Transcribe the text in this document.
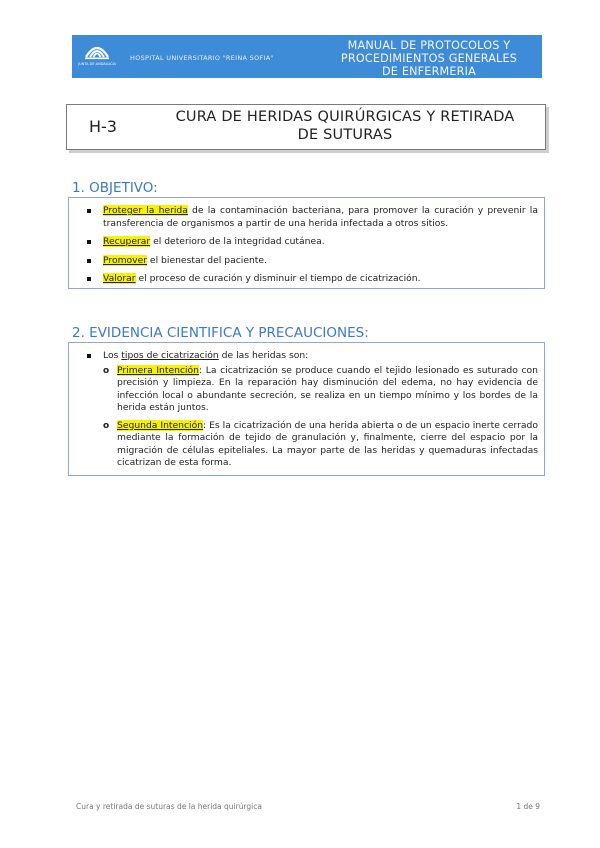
JUNTA DE ANDALUCIA
HOSPITAL UNIVERSITARIO "REINA SOFIA"
MANUAL DE PROTOCOLOS Y
PROCEDIMIENTOS GENERALES
DE ENFERMERIA
H-3	CURA DE HERIDAS QUIRÚRGICAS Y RETIRADA
DE SUTURAS
1. OBJETIVO:
Proteger la herida de la contaminación bacteriana, para promover la curación y prevenir la transferencia de organismos a partir de una herida infectada a otros sitios.
Recuperar el deterioro de la integridad cutánea.
Promover el bienestar del paciente.
Valorar el proceso de curación y disminuir el tiempo de cicatrización.
2. EVIDENCIA CIENTIFICA Y PRECAUCIONES:
Los tipos de cicatrización de las heridas son:
o Primera Intención: La cicatrización se produce cuando el tejido lesionado es suturado con precisión y limpieza. En la reparación hay disminución del edema, no hay evidencia de infección local o abundante secreción, se realiza en un tiempo mínimo y los bordes de la herida están juntos.
o Segunda Intención: Es la cicatrización de una herida abierta o de un espacio inerte cerrado mediante la formación de tejido de granulación y, finalmente, cierre del espacio por la migración de células epiteliales. La mayor parte de las heridas y quemaduras infectadas cicatrizan de esta forma.
Cura y retirada de suturas de la herida quirúrgica	1 de 9
